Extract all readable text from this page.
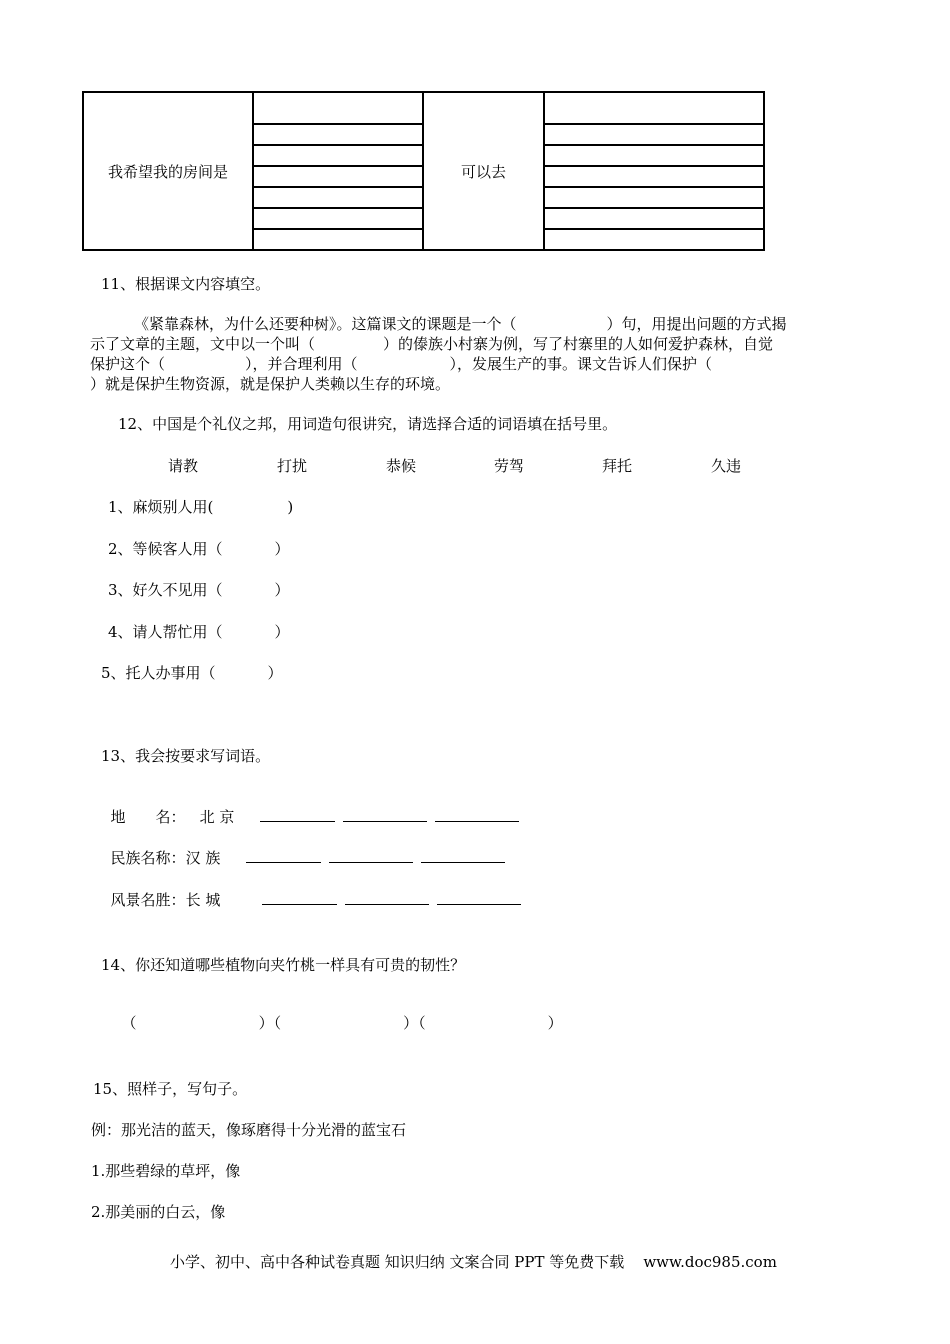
我希望我的房间是		可以去	
11、根据课文内容填空。
《紧靠森林，为什么还要种树》。这篇课文的课题是一个（	）句，用提出问题的方式揭
示了文章的主题，文中以一个叫（	）的傣族小村寨为例，写了村寨里的人如何爱护森林，自觉
保护这个（	），并合理利用（	），发展生产的事。课文告诉人们保护（
）就是保护生物资源，就是保护人类赖以生存的环境。
12、中国是个礼仪之邦，用词造句很讲究，请选择合适的词语填在括号里。
请教	打扰	恭候	劳驾	拜托	久违
1、麻烦别人用(	)
2、等候客人用（	）
3、好久不见用（	）
4、请人帮忙用（	）
5、托人办事用（	）
13、我会按要求写词语。

地　　名： 北 京

民族名称：汉 族

风景名胜：长 城

14、你还知道哪些植物向夹竹桃一样具有可贵的韧性？

（	）（	）（	）

15、照样子，写句子。
例：那光洁的蓝天，像琢磨得十分光滑的蓝宝石
1.那些碧绿的草坪，像
2.那美丽的白云，像
小学、初中、高中各种试卷真题 知识归纳 文案合同 PPT 等免费下载    www.doc985.com
